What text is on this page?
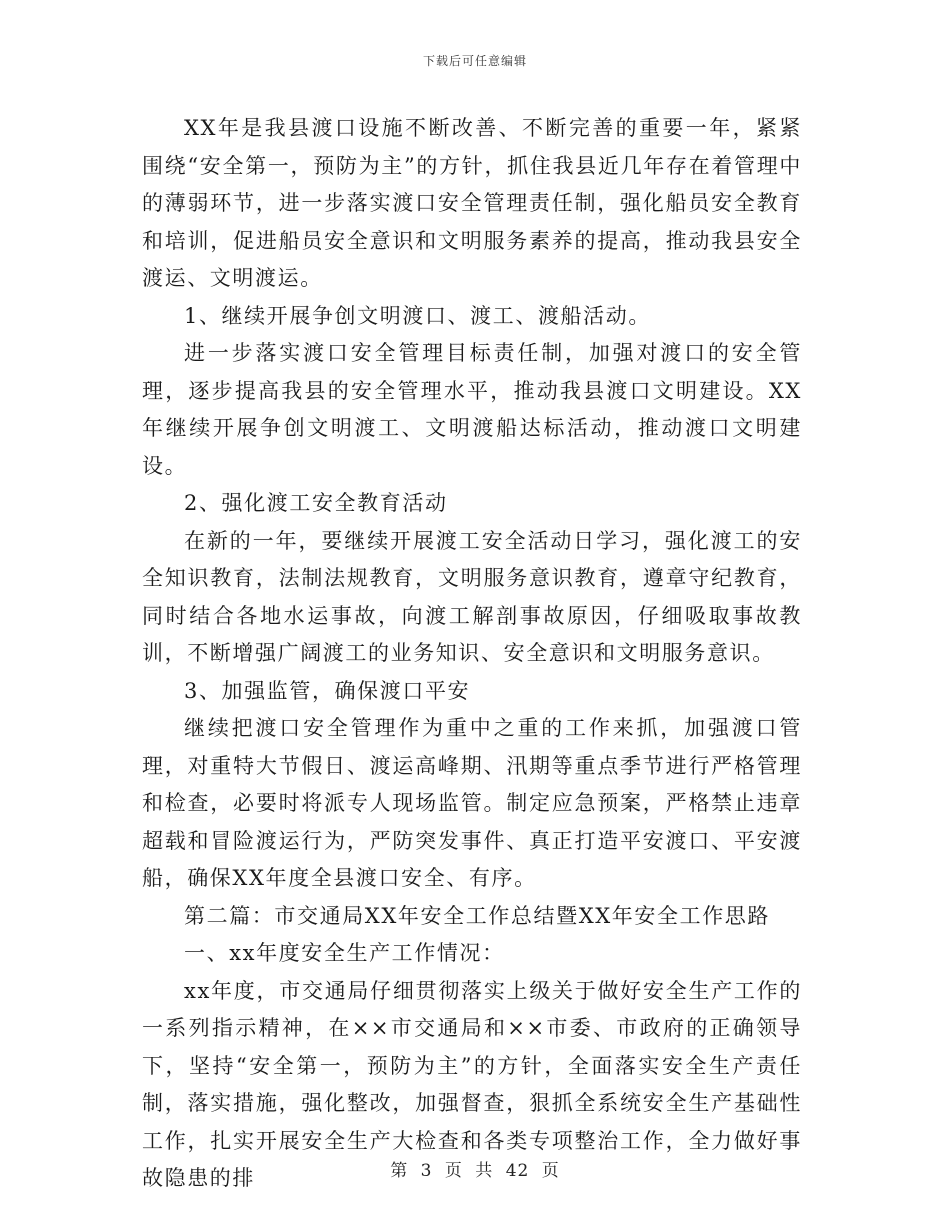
下载后可任意编辑

XX年是我县渡口设施不断改善、不断完善的重要一年，紧紧围绕“安全第一，预防为主”的方针，抓住我县近几年存在着管理中的薄弱环节，进一步落实渡口安全管理责任制，强化船员安全教育和培训，促进船员安全意识和文明服务素养的提高，推动我县安全渡运、文明渡运。

1、继续开展争创文明渡口、渡工、渡船活动。

进一步落实渡口安全管理目标责任制，加强对渡口的安全管理，逐步提高我县的安全管理水平，推动我县渡口文明建设。XX年继续开展争创文明渡工、文明渡船达标活动，推动渡口文明建设。

2、强化渡工安全教育活动

在新的一年，要继续开展渡工安全活动日学习，强化渡工的安全知识教育，法制法规教育，文明服务意识教育，遵章守纪教育，同时结合各地水运事故，向渡工解剖事故原因，仔细吸取事故教训，不断增强广阔渡工的业务知识、安全意识和文明服务意识。

3、加强监管，确保渡口平安

继续把渡口安全管理作为重中之重的工作来抓，加强渡口管理，对重特大节假日、渡运高峰期、汛期等重点季节进行严格管理和检查，必要时将派专人现场监管。制定应急预案，严格禁止违章超载和冒险渡运行为，严防突发事件、真正打造平安渡口、平安渡船，确保XX年度全县渡口安全、有序。

第二篇：市交通局XX年安全工作总结暨XX年安全工作思路

一、xx年度安全生产工作情况：

xx年度，市交通局仔细贯彻落实上级关于做好安全生产工作的一系列指示精神，在××市交通局和××市委、市政府的正确领导下，坚持“安全第一，预防为主”的方针，全面落实安全生产责任制，落实措施，强化整改，加强督查，狠抓全系统安全生产基础性工作，扎实开展安全生产大检查和各类专项整治工作，全力做好事故隐患的排	第 3 页 共 42 页
